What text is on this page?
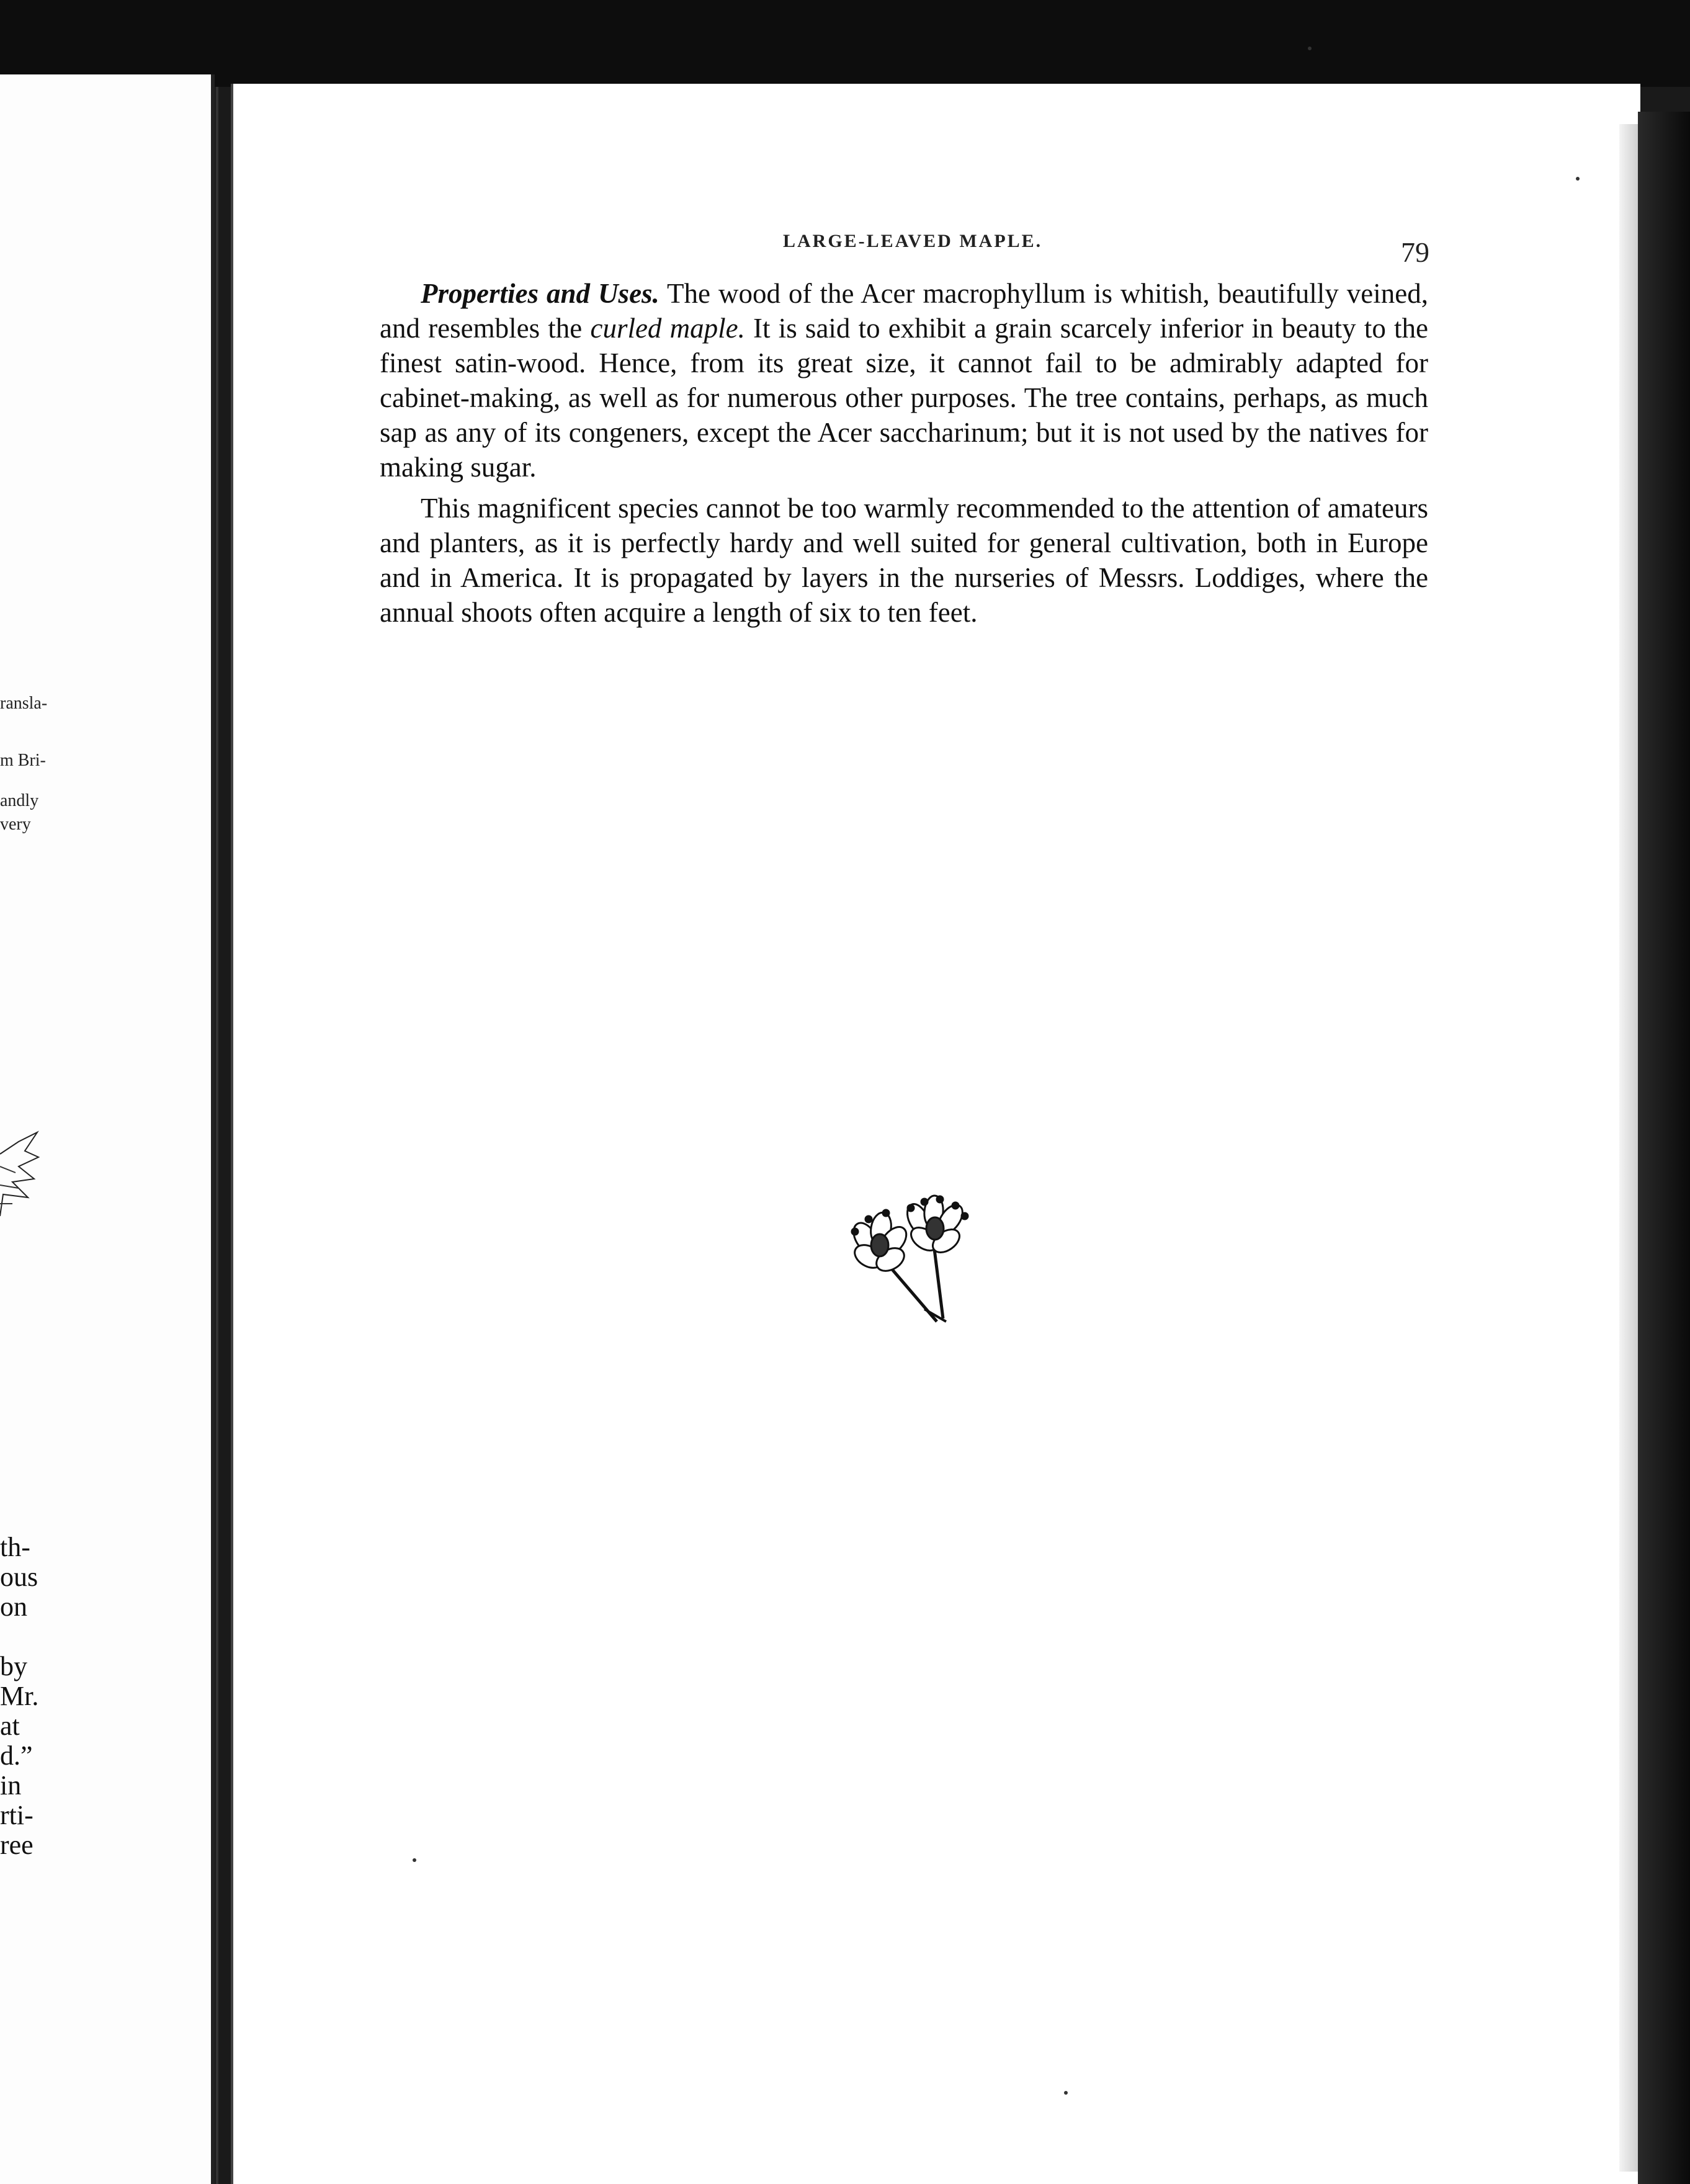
ransla-
m Bri-
andly
very
th-
ous
on
by
Mr.
at
d.”
in
rti-
ree
LARGE-LEAVED MAPLE.	79

Properties and Uses. The wood of the Acer macrophyllum is whitish, beautifully veined, and resembles the curled maple. It is said to exhibit a grain scarcely inferior in beauty to the finest satin-wood. Hence, from its great size, it cannot fail to be admirably adapted for cabinet-making, as well as for numerous other purposes. The tree contains, perhaps, as much sap as any of its congeners, except the Acer saccharinum; but it is not used by the natives for making sugar.

This magnificent species cannot be too warmly recommended to the attention of amateurs and planters, as it is perfectly hardy and well suited for general cultivation, both in Europe and in America. It is propagated by layers in the nurseries of Messrs. Loddiges, where the annual shoots often acquire a length of six to ten feet.
